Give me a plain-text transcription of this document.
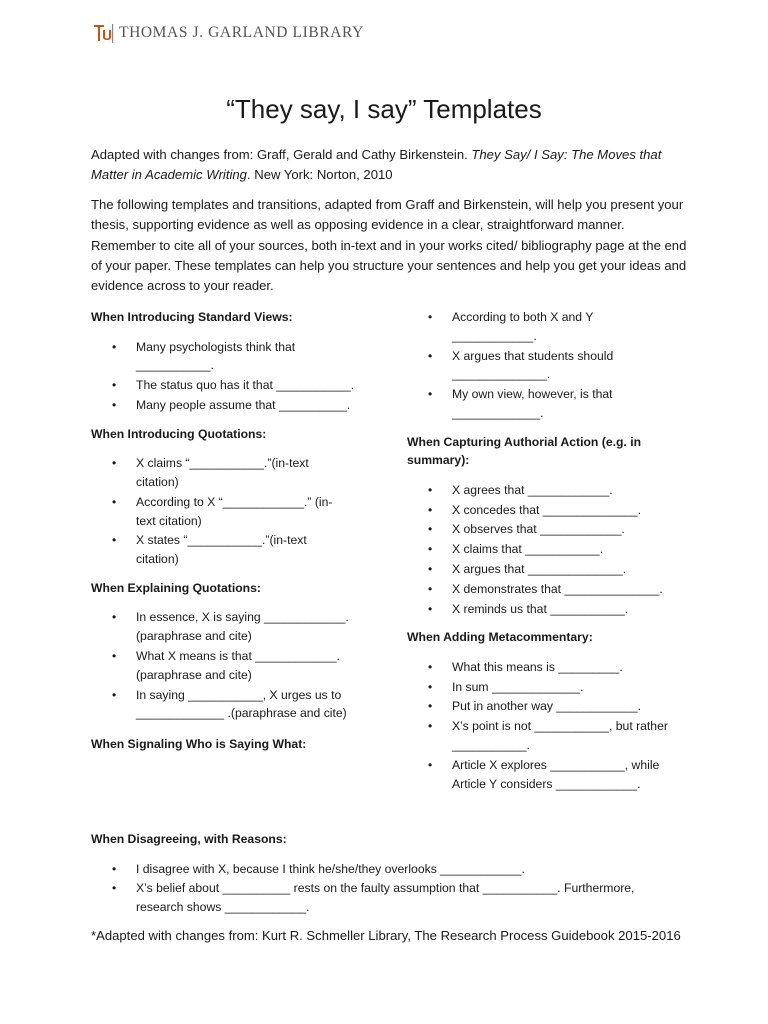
THOMAS J. GARLAND LIBRARY
“They say, I say” Templates
Adapted with changes from: Graff, Gerald and Cathy Birkenstein. They Say/ I Say: The Moves that Matter in Academic Writing. New York: Norton, 2010
The following templates and transitions, adapted from Graff and Birkenstein, will help you present your thesis, supporting evidence as well as opposing evidence in a clear, straightforward manner. Remember to cite all of your sources, both in-text and in your works cited/ bibliography page at the end of your paper. These templates can help you structure your sentences and help you get your ideas and evidence across to your reader.
When Introducing Standard Views:
• Many psychologists think that ___________.
• The status quo has it that ___________.
• Many people assume that __________.
When Introducing Quotations:
• X claims “___________.”(in-text citation)
• According to X “____________.” (in-text citation)
• X states “___________.”(in-text citation)
When Explaining Quotations:
• In essence, X is saying ____________. (paraphrase and cite)
• What X means is that ____________. (paraphrase and cite)
• In saying ___________, X urges us to _____________ .(paraphrase and cite)
When Signaling Who is Saying What:
• According to both X and Y ____________.
• X argues that students should ______________.
• My own view, however, is that _____________.
When Capturing Authorial Action (e.g. in summary):
• X agrees that ____________.
• X concedes that ______________.
• X observes that ____________.
• X claims that ___________.
• X argues that ______________.
• X demonstrates that ______________.
• X reminds us that ___________.
When Adding Metacommentary:
• What this means is _________.
• In sum _____________.
• Put in another way ____________.
• X’s point is not ___________, but rather ___________.
• Article X explores ___________, while Article Y considers ____________.
When Disagreeing, with Reasons:
• I disagree with X, because I think he/she/they overlooks ____________.
• X’s belief about __________ rests on the faulty assumption that ___________. Furthermore, research shows ____________.
*Adapted with changes from: Kurt R. Schmeller Library, The Research Process Guidebook 2015-2016
